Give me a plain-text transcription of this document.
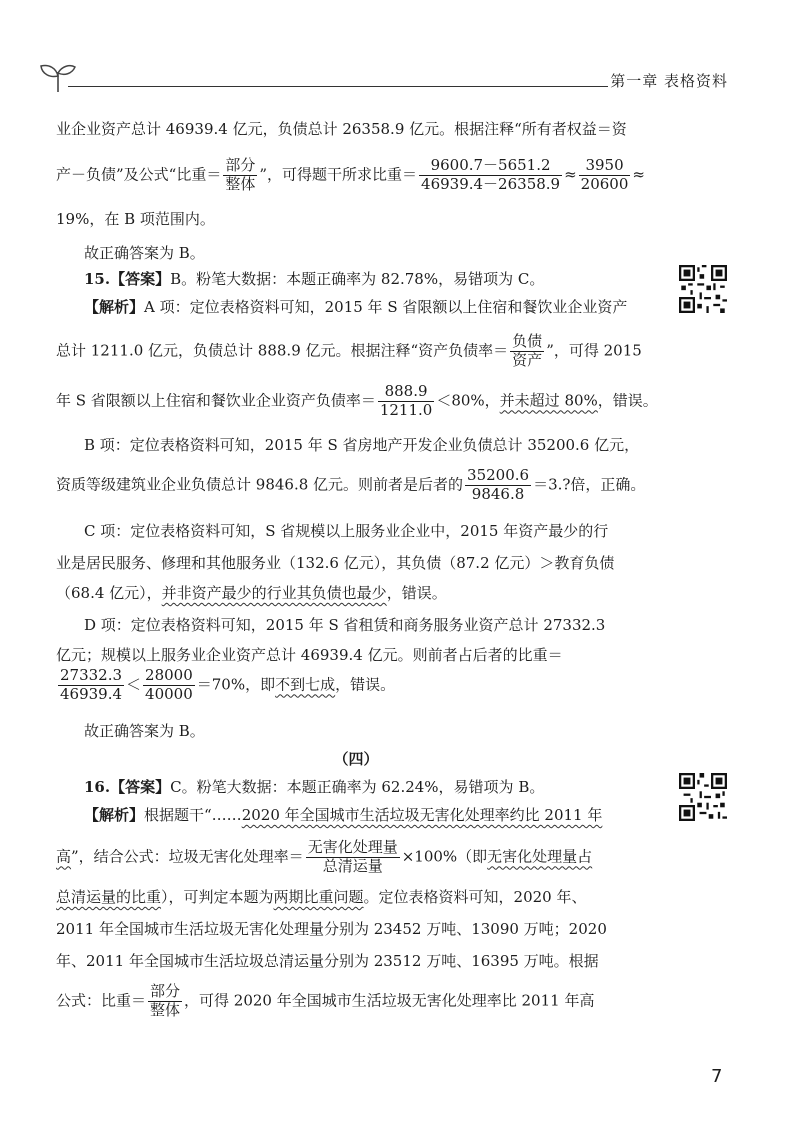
第一章 表格资料
业企业资产总计 46939.4 亿元，负债总计 26358.9 亿元。根据注释“所有者权益＝资
产－负债”及公式“比重＝ $\frac{\text{部分}}{\text{整体}}$ ”，可得题干所求比重＝ $\frac{9600.7-5651.2}{46939.4-26358.9} \approx \frac{3950}{20600}$ ≈
19%，在 B 项范围内。
故正确答案为 B。
15.【答案】B。粉笔大数据：本题正确率为 82.78%，易错项为 C。
【解析】A 项：定位表格资料可知，2015 年 S 省限额以上住宿和餐饮业企业资产
总计 1211.0 亿元，负债总计 888.9 亿元。根据注释“资产负债率＝ $\frac{\text{负债}}{\text{资产}}$ ”，可得 2015
年 S 省限额以上住宿和餐饮业企业资产负债率＝ $\frac{888.9}{1211.0} <80\%$，并未超过 80%，错误。
B 项：定位表格资料可知，2015 年 S 省房地产开发企业负债总计 35200.6 亿元，
资质等级建筑业企业负债总计 9846.8 亿元。则前者是后者的 $\frac{35200.6}{9846.8} =3$.?倍，正确。
C 项：定位表格资料可知，S 省规模以上服务业企业中，2015 年资产最少的行
业是居民服务、修理和其他服务业（132.6 亿元），其负债（87.2 亿元）＞教育负债
（68.4 亿元），并非资产最少的行业其负债也最少，错误。
D 项：定位表格资料可知，2015 年 S 省租赁和商务服务业资产总计 27332.3
亿元；规模以上服务业企业资产总计 46939.4 亿元。则前者占后者的比重＝
$\frac{27332.3}{46939.4} < \frac{28000}{40000} =70\%$，即不到七成，错误。
故正确答案为 B。
（四）
16.【答案】C。粉笔大数据：本题正确率为 62.24%，易错项为 B。
【解析】根据题干“……2020 年全国城市生活垃圾无害化处理率约比 2011 年
高”，结合公式：垃圾无害化处理率＝ $\frac{\text{无害化处理量}}{\text{总清运量}} \times 100\%$（即无害化处理量占
总清运量的比重），可判定本题为两期比重问题。定位表格资料可知，2020 年、
2011 年全国城市生活垃圾无害化处理量分别为 23452 万吨、13090 万吨；2020
年、2011 年全国城市生活垃圾总清运量分别为 23512 万吨、16395 万吨。根据
公式：比重＝ $\frac{\text{部分}}{\text{整体}}$ ，可得 2020 年全国城市生活垃圾无害化处理率比 2011 年高
7
